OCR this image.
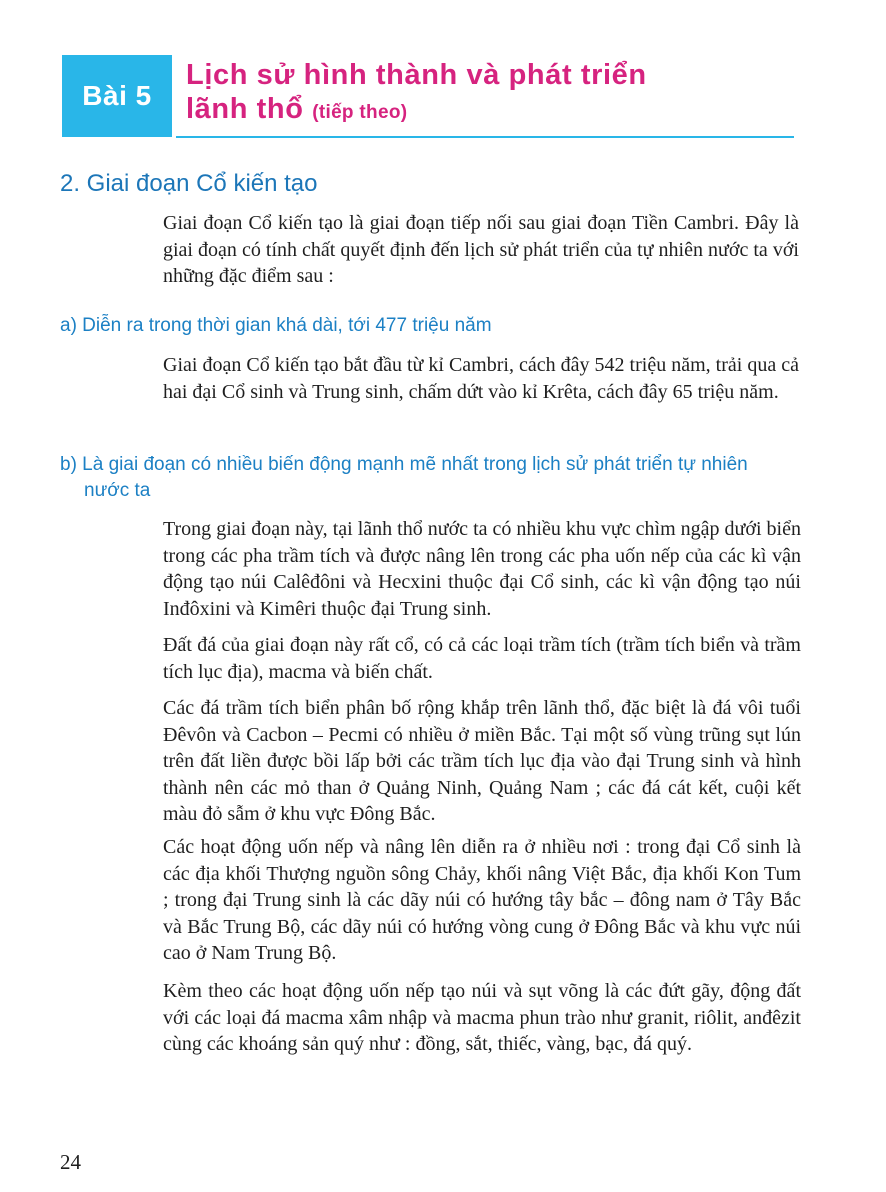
Bài 5
Lịch sử hình thành và phát triển
lãnh thổ (tiếp theo)
2. Giai đoạn Cổ kiến tạo

Giai đoạn Cổ kiến tạo là giai đoạn tiếp nối sau giai đoạn Tiền Cambri. Đây là giai đoạn có tính chất quyết định đến lịch sử phát triển của tự nhiên nước ta với những đặc điểm sau :

a) Diễn ra trong thời gian khá dài, tới 477 triệu năm

Giai đoạn Cổ kiến tạo bắt đầu từ kỉ Cambri, cách đây 542 triệu năm, trải qua cả hai đại Cổ sinh và Trung sinh, chấm dứt vào kỉ Krêta, cách đây 65 triệu năm.

b) Là giai đoạn có nhiều biến động mạnh mẽ nhất trong lịch sử phát triển tự nhiên
nước ta

Trong giai đoạn này, tại lãnh thổ nước ta có nhiều khu vực chìm ngập dưới biển trong các pha trầm tích và được nâng lên trong các pha uốn nếp của các kì vận động tạo núi Calêđôni và Hecxini thuộc đại Cổ sinh, các kì vận động tạo núi Inđôxini và Kimêri thuộc đại Trung sinh.

Đất đá của giai đoạn này rất cổ, có cả các loại trầm tích (trầm tích biển và trầm tích lục địa), macma và biến chất.

Các đá trầm tích biển phân bố rộng khắp trên lãnh thổ, đặc biệt là đá vôi tuổi Đêvôn và Cacbon – Pecmi có nhiều ở miền Bắc. Tại một số vùng trũng sụt lún trên đất liền được bồi lấp bởi các trầm tích lục địa vào đại Trung sinh và hình thành nên các mỏ than ở Quảng Ninh, Quảng Nam ; các đá cát kết, cuội kết màu đỏ sẫm ở khu vực Đông Bắc.

Các hoạt động uốn nếp và nâng lên diễn ra ở nhiều nơi : trong đại Cổ sinh là các địa khối Thượng nguồn sông Chảy, khối nâng Việt Bắc, địa khối Kon Tum ; trong đại Trung sinh là các dãy núi có hướng tây bắc – đông nam ở Tây Bắc và Bắc Trung Bộ, các dãy núi có hướng vòng cung ở Đông Bắc và khu vực núi cao ở Nam Trung Bộ.

Kèm theo các hoạt động uốn nếp tạo núi và sụt võng là các đứt gãy, động đất với các loại đá macma xâm nhập và macma phun trào như granit, riôlit, anđêzit cùng các khoáng sản quý như : đồng, sắt, thiếc, vàng, bạc, đá quý.

24
